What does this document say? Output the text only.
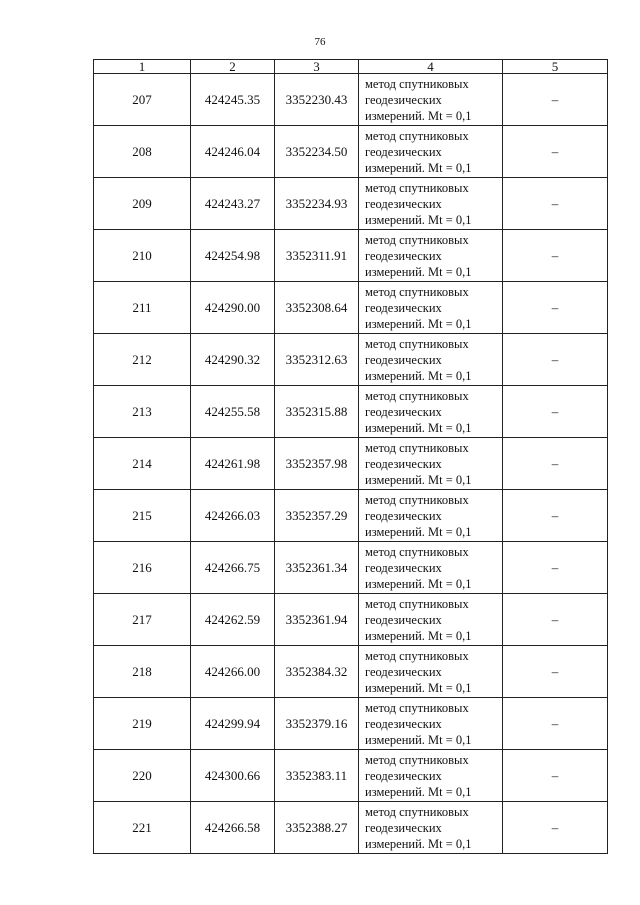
76
1	2	3	4	5
207	424245.35	3352230.43	метод спутниковых
геодезических
измерений. Mt = 0,1	–
208	424246.04	3352234.50	метод спутниковых
геодезических
измерений. Mt = 0,1	–
209	424243.27	3352234.93	метод спутниковых
геодезических
измерений. Mt = 0,1	–
210	424254.98	3352311.91	метод спутниковых
геодезических
измерений. Mt = 0,1	–
211	424290.00	3352308.64	метод спутниковых
геодезических
измерений. Mt = 0,1	–
212	424290.32	3352312.63	метод спутниковых
геодезических
измерений. Mt = 0,1	–
213	424255.58	3352315.88	метод спутниковых
геодезических
измерений. Mt = 0,1	–
214	424261.98	3352357.98	метод спутниковых
геодезических
измерений. Mt = 0,1	–
215	424266.03	3352357.29	метод спутниковых
геодезических
измерений. Mt = 0,1	–
216	424266.75	3352361.34	метод спутниковых
геодезических
измерений. Mt = 0,1	–
217	424262.59	3352361.94	метод спутниковых
геодезических
измерений. Mt = 0,1	–
218	424266.00	3352384.32	метод спутниковых
геодезических
измерений. Mt = 0,1	–
219	424299.94	3352379.16	метод спутниковых
геодезических
измерений. Mt = 0,1	–
220	424300.66	3352383.11	метод спутниковых
геодезических
измерений. Mt = 0,1	–
221	424266.58	3352388.27	метод спутниковых
геодезических
измерений. Mt = 0,1	–
